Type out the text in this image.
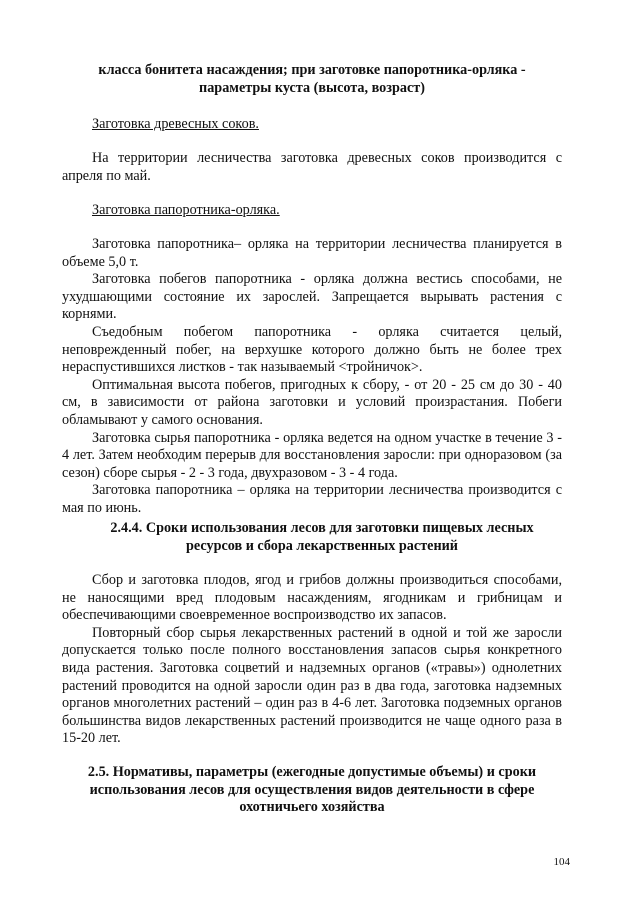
класса бонитета насаждения; при заготовке папоротника-орляка - параметры куста (высота, возраст)

Заготовка древесных соков.

На территории лесничества заготовка древесных соков производится с апреля по май.

Заготовка папоротника-орляка.

Заготовка папоротника– орляка на территории лесничества планируется в объеме 5,0 т.

Заготовка побегов папоротника - орляка должна вестись способами, не ухудшающими состояние их зарослей. Запрещается вырывать растения с корнями.

Съедобным побегом папоротника - орляка считается целый, неповрежденный побег, на верхушке которого должно быть не более трех нераспустившихся листков - так называемый <тройничок>.

Оптимальная высота побегов, пригодных к сбору, - от 20 - 25 см до 30 - 40 см, в зависимости от района заготовки и условий произрастания. Побеги обламывают у самого основания.

Заготовка сырья папоротника - орляка ведется на одном участке в течение 3 - 4 лет. Затем необходим перерыв для восстановления заросли: при одноразовом (за сезон) сборе сырья - 2 - 3 года, двухразовом - 3 - 4 года.

Заготовка папоротника – орляка на территории лесничества производится с мая по июнь.

2.4.4. Сроки использования лесов для заготовки пищевых лесных ресурсов и сбора лекарственных растений

Сбор и заготовка плодов, ягод и грибов должны производиться способами, не наносящими вред плодовым насаждениям, ягодникам и грибницам и обеспечивающими своевременное воспроизводство их запасов.

Повторный сбор сырья лекарственных растений в одной и той же заросли допускается только после полного восстановления запасов сырья конкретного вида растения. Заготовка соцветий и надземных органов («травы») однолетних растений проводится на одной заросли один раз в два года, заготовка надземных органов многолетних растений – один раз в 4-6 лет. Заготовка подземных органов большинства видов лекарственных растений производится не чаще одного раза в 15-20 лет.

2.5. Нормативы, параметры (ежегодные допустимые объемы) и сроки использования лесов для осуществления видов деятельности в сфере охотничьего хозяйства

104
